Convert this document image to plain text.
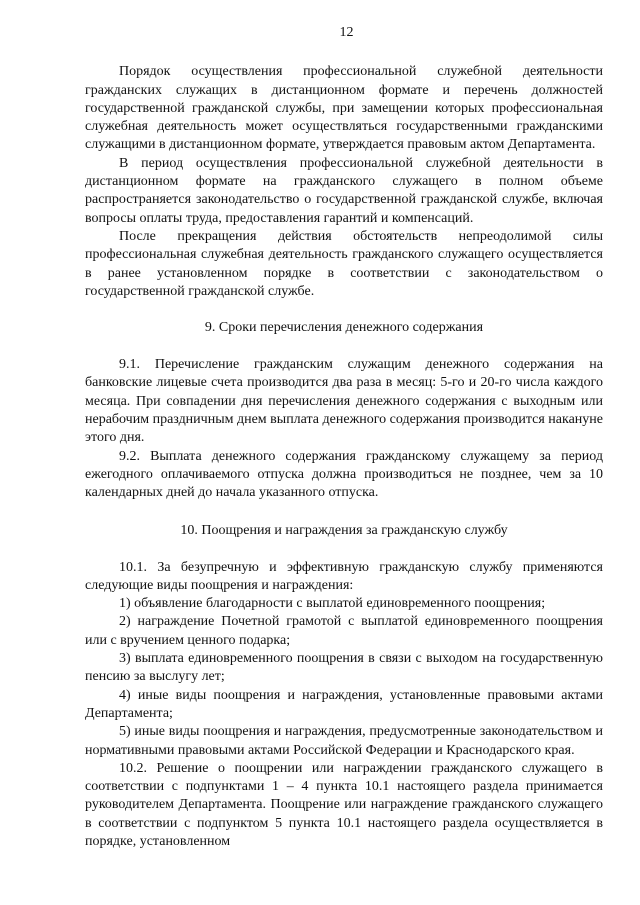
12

Порядок осуществления профессиональной служебной деятельности гражданских служащих в дистанционном формате и перечень должностей государственной гражданской службы, при замещении которых профессиональная служебная деятельность может осуществляться государственными гражданскими служащими в дистанционном формате, утверждается правовым актом Департамента.

В период осуществления профессиональной служебной деятельности в дистанционном формате на гражданского служащего в полном объеме распространяется законодательство о государственной гражданской службе, включая вопросы оплаты труда, предоставления гарантий и компенсаций.

После прекращения действия обстоятельств непреодолимой силы профессиональная служебная деятельность гражданского служащего осуществляется в ранее установленном порядке в соответствии с законодательством о государственной гражданской службе.

9. Сроки перечисления денежного содержания

9.1. Перечисление гражданским служащим денежного содержания на банковские лицевые счета производится два раза в месяц: 5-го и 20-го числа каждого месяца. При совпадении дня перечисления денежного содержания с выходным или нерабочим праздничным днем выплата денежного содержания производится накануне этого дня.

9.2. Выплата денежного содержания гражданскому служащему за период ежегодного оплачиваемого отпуска должна производиться не позднее, чем за 10 календарных дней до начала указанного отпуска.

10. Поощрения и награждения за гражданскую службу

10.1. За безупречную и эффективную гражданскую службу применяются следующие виды поощрения и награждения:

1) объявление благодарности с выплатой единовременного поощрения;

2) награждение Почетной грамотой с выплатой единовременного поощрения или с вручением ценного подарка;

3) выплата единовременного поощрения в связи с выходом на государственную пенсию за выслугу лет;

4) иные виды поощрения и награждения, установленные правовыми актами Департамента;

5) иные виды поощрения и награждения, предусмотренные законодательством и нормативными правовыми актами Российской Федерации и Краснодарского края.

10.2. Решение о поощрении или награждении гражданского служащего в соответствии с подпунктами 1 – 4 пункта 10.1 настоящего раздела принимается руководителем Департамента. Поощрение или награждение гражданского служащего в соответствии с подпунктом 5 пункта 10.1 настоящего раздела осуществляется в порядке, установленном
